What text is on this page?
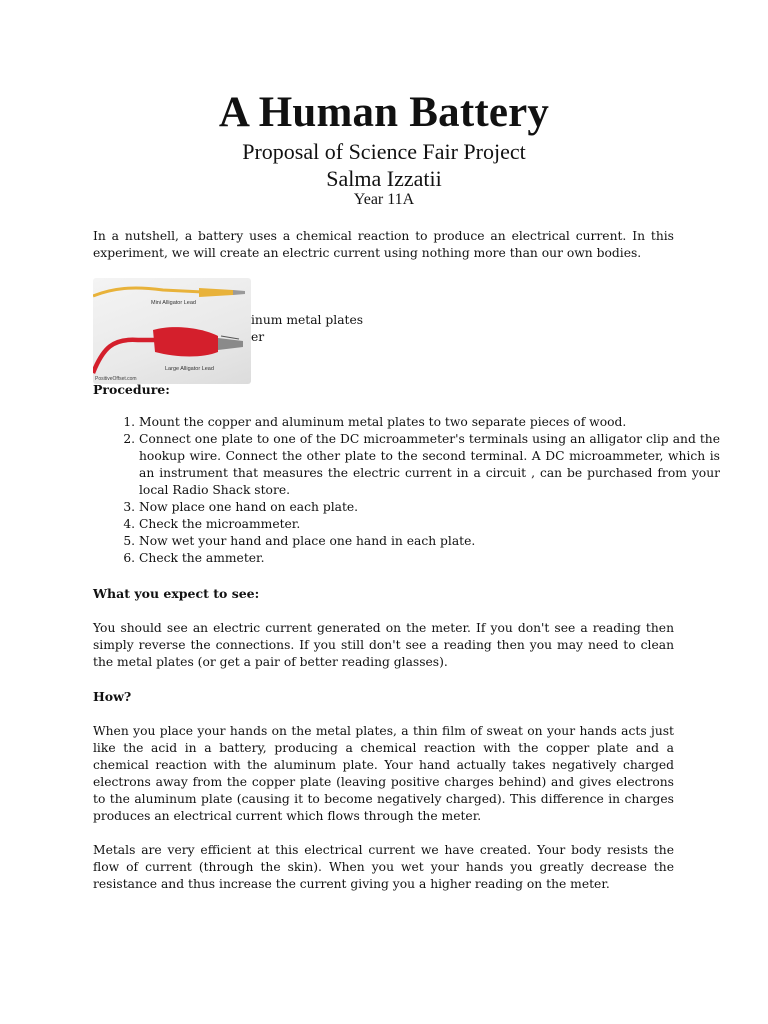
A Human Battery
Proposal of Science Fair Project
Salma Izzatii
Year 11A

In a nutshell, a battery uses a chemical reaction to produce an electrical current. In this experiment, we will create an electric current using nothing more than our own bodies.

Mini Alligator Lead
Large Alligator Lead
PositiveOffset.com
inum metal plates
er

Procedure:

1. Mount the copper and aluminum metal plates to two separate pieces of wood.
2. Connect one plate to one of the DC microammeter's terminals using an alligator clip and the hookup wire. Connect the other plate to the second terminal. A DC microammeter, which is an instrument that measures the electric current in a circuit , can be purchased from your local Radio Shack store.
3. Now place one hand on each plate.
4. Check the microammeter.
5. Now wet your hand and place one hand in each plate.
6. Check the ammeter.

What you expect to see:

You should see an electric current generated on the meter. If you don't see a reading then simply reverse the connections. If you still don't see a reading then you may need to clean the metal plates (or get a pair of better reading glasses).

How?

When you place your hands on the metal plates, a thin film of sweat on your hands acts just like the acid in a battery, producing a chemical reaction with the copper plate and a chemical reaction with the aluminum plate. Your hand actually takes negatively charged electrons away from the copper plate (leaving positive charges behind) and gives electrons to the aluminum plate (causing it to become negatively charged). This difference in charges produces an electrical current which flows through the meter.

Metals are very efficient at this electrical current we have created. Your body resists the flow of current (through the skin). When you wet your hands you greatly decrease the resistance and thus increase the current giving you a higher reading on the meter.
